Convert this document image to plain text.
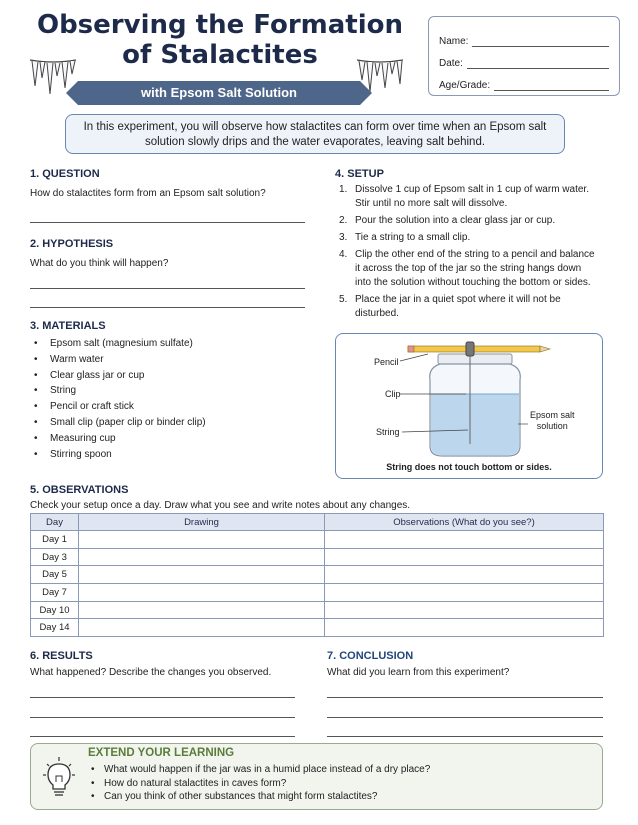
Observing the Formation
of Stalactites
with Epsom Salt Solution
Name:
Date:
Age/Grade:
In this experiment, you will observe how stalactites can form over time when an Epsom salt solution slowly drips and the water evaporates, leaving salt behind.
1. QUESTION
How do stalactites form from an Epsom salt solution?
2. HYPOTHESIS
What do you think will happen?
3. MATERIALS
• Epsom salt (magnesium sulfate)
• Warm water
• Clear glass jar or cup
• String
• Pencil or craft stick
• Small clip (paper clip or binder clip)
• Measuring cup
• Stirring spoon
4. SETUP
1. Dissolve 1 cup of Epsom salt in 1 cup of warm water. Stir until no more salt will dissolve.
2. Pour the solution into a clear glass jar or cup.
3. Tie a string to a small clip.
4. Clip the other end of the string to a pencil and balance it across the top of the jar so the string hangs down into the solution without touching the bottom or sides.
5. Place the jar in a quiet spot where it will not be disturbed.
Pencil
Clip
String
Epsom salt
solution
String does not touch bottom or sides.
5. OBSERVATIONS
Check your setup once a day. Draw what you see and write notes about any changes.
Day	Drawing	Observations (What do you see?)
Day 1		
Day 3		
Day 5		
Day 7		
Day 10		
Day 14		
6. RESULTS
What happened? Describe the changes you observed.
7. CONCLUSION
What did you learn from this experiment?
EXTEND YOUR LEARNING
• What would happen if the jar was in a humid place instead of a dry place?
• How do natural stalactites in caves form?
• Can you think of other substances that might form stalactites?
